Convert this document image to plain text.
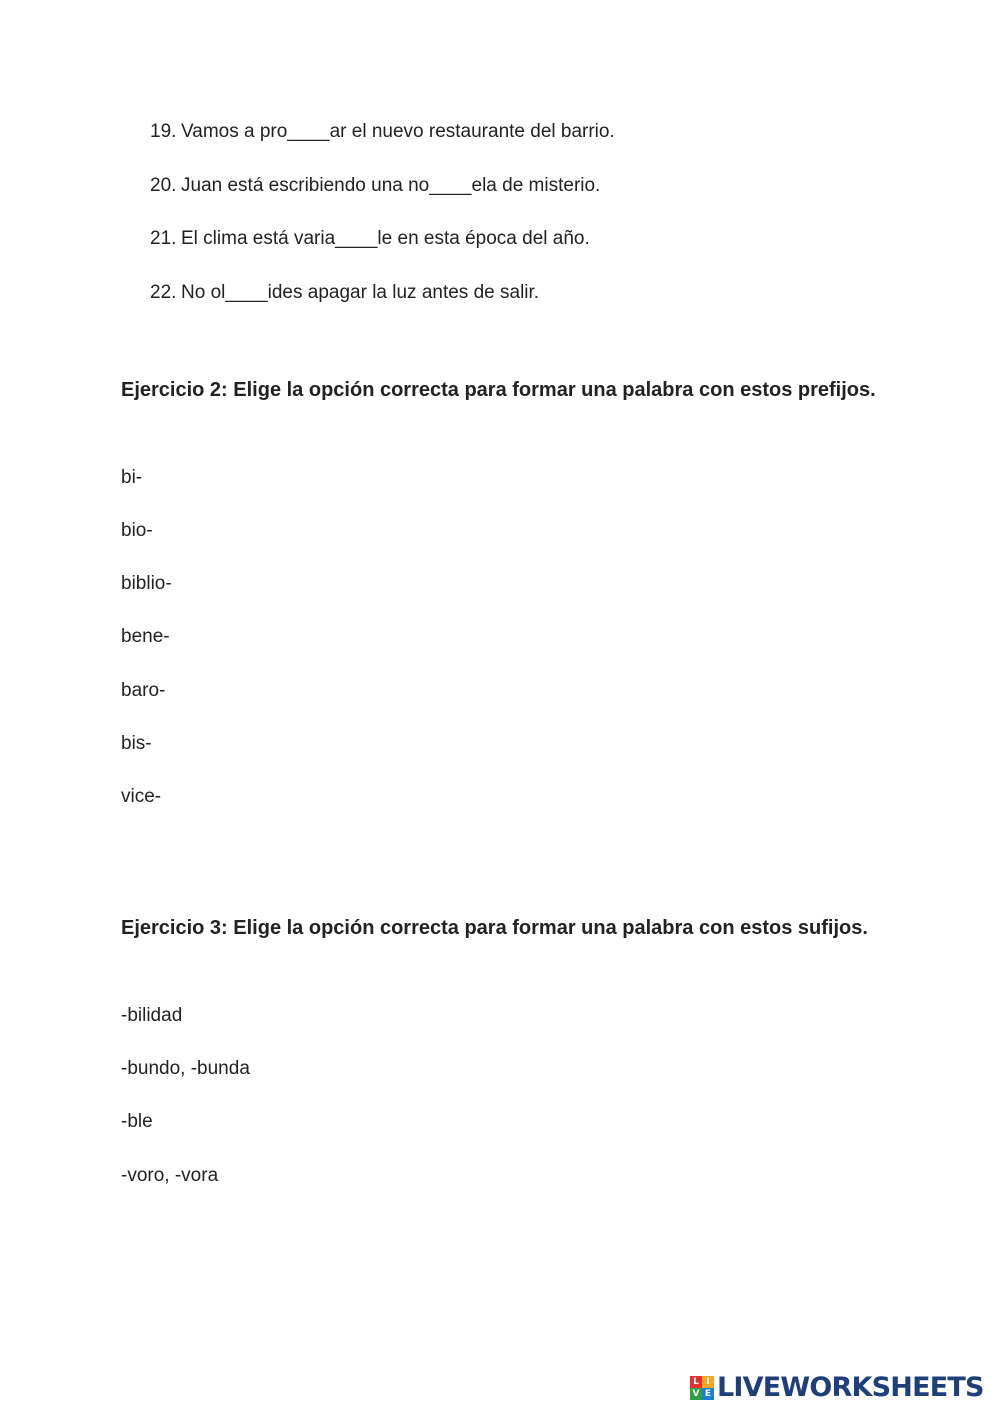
19. Vamos a pro____ar el nuevo restaurante del barrio.
20. Juan está escribiendo una no____ela de misterio.
21. El clima está varia____le en esta época del año.
22. No ol____ides apagar la luz antes de salir.
Ejercicio 2: Elige la opción correcta para formar una palabra con estos prefijos.
bi-
bio-
biblio-
bene-
baro-
bis-
vice-
Ejercicio 3: Elige la opción correcta para formar una palabra con estos sufijos.
-bilidad
-bundo, -bunda
-ble
-voro, -vora
L I
V E LIVEWORKSHEETS
